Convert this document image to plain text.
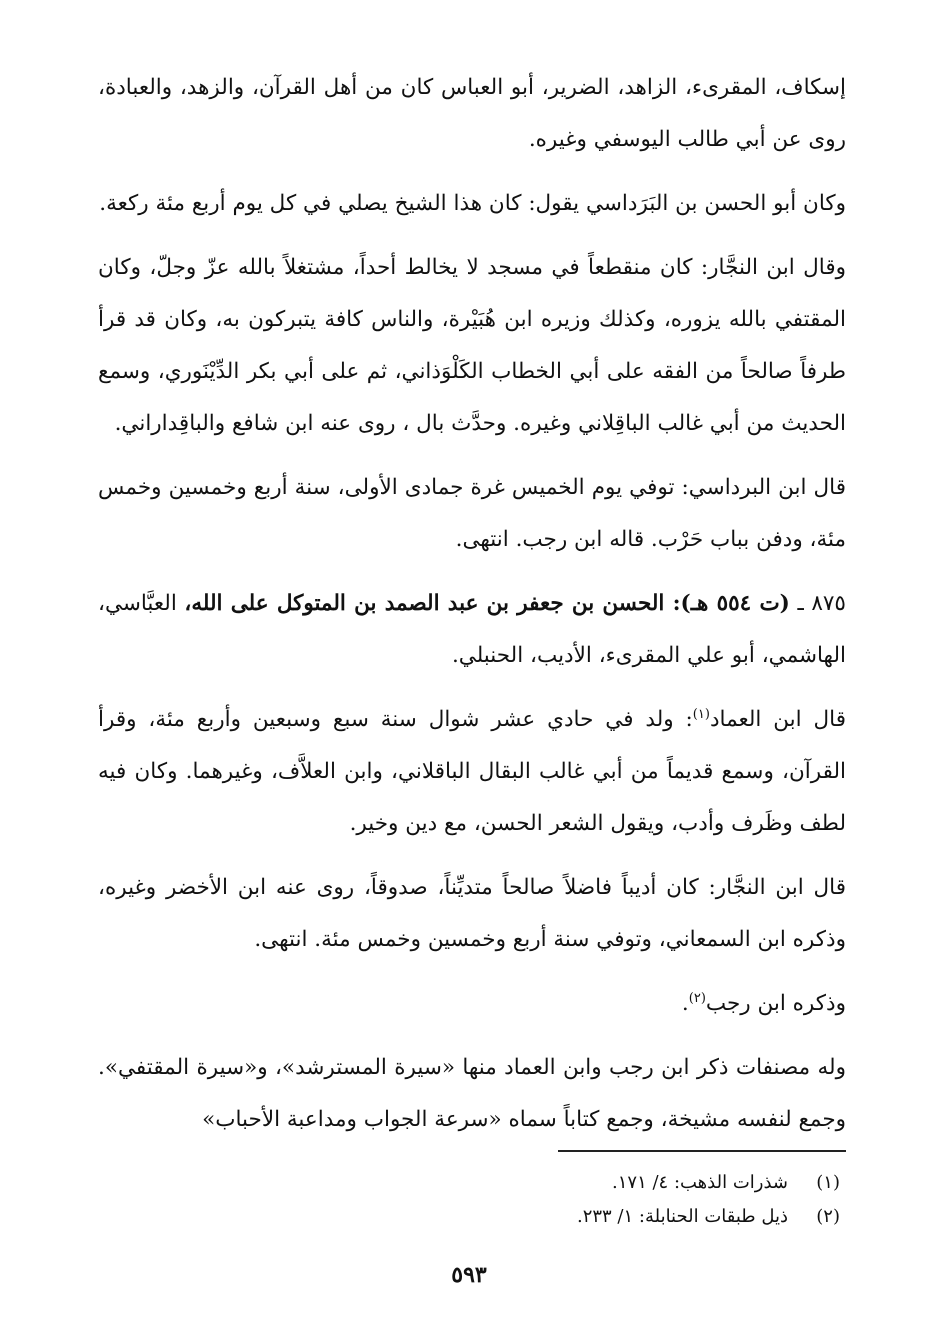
إسكاف، المقرىء، الزاهد، الضرير، أبو العباس كان من أهل القرآن، والزهد، والعبادة، روى عن أبي طالب اليوسفي وغيره.

وكان أبو الحسن بن البَرَداسي يقول: كان هذا الشيخ يصلي في كل يوم أربع مئة ركعة.

وقال ابن النجَّار: كان منقطعاً في مسجد لا يخالط أحداً، مشتغلاً بالله عزّ وجلّ، وكان المقتفي بالله يزوره، وكذلك وزيره ابن هُبَيْرة، والناس كافة يتبركون به، وكان قد قرأ طرفاً صالحاً من الفقه على أبي الخطاب الكَلْوَذاني، ثم على أبي بكر الدِّيْنَوري، وسمع الحديث من أبي غالب الباقِلاني وغيره. وحدَّث بال ، روى عنه ابن شافع والباقِداراني.

قال ابن البرداسي: توفي يوم الخميس غرة جمادى الأولى، سنة أربع وخمسين وخمس مئة، ودفن بباب حَرْب. قاله ابن رجب. انتهى.

٨٧٥ ـ (ت ٥٥٤ هـ): الحسن بن جعفر بن عبد الصمد بن المتوكل على الله، العبَّاسي، الهاشمي، أبو علي المقرىء، الأديب، الحنبلي.

قال ابن العماد$^{(١)}$: ولد في حادي عشر شوال سنة سبع وسبعين وأربع مئة، وقرأ القرآن، وسمع قديماً من أبي غالب البقال الباقلاني، وابن العلاَّف، وغيرهما. وكان فيه لطف وظَرف وأدب، ويقول الشعر الحسن، مع دين وخير.

قال ابن النجَّار: كان أديباً فاضلاً صالحاً متديِّناً، صدوقاً، روى عنه ابن الأخضر وغيره، وذكره ابن السمعاني، وتوفي سنة أربع وخمسين وخمس مئة. انتهى.

وذكره ابن رجب$^{(٢)}$.

وله مصنفات ذكر ابن رجب وابن العماد منها «سيرة المسترشد»، و«سيرة المقتفي». وجمع لنفسه مشيخة، وجمع كتاباً سماه «سرعة الجواب ومداعبة الأحباب»

(١)شذرات الذهب: ٤/ ١٧١.
(٢)ذيل طبقات الحنابلة: ١/ ٢٣٣.
٥٩٣
